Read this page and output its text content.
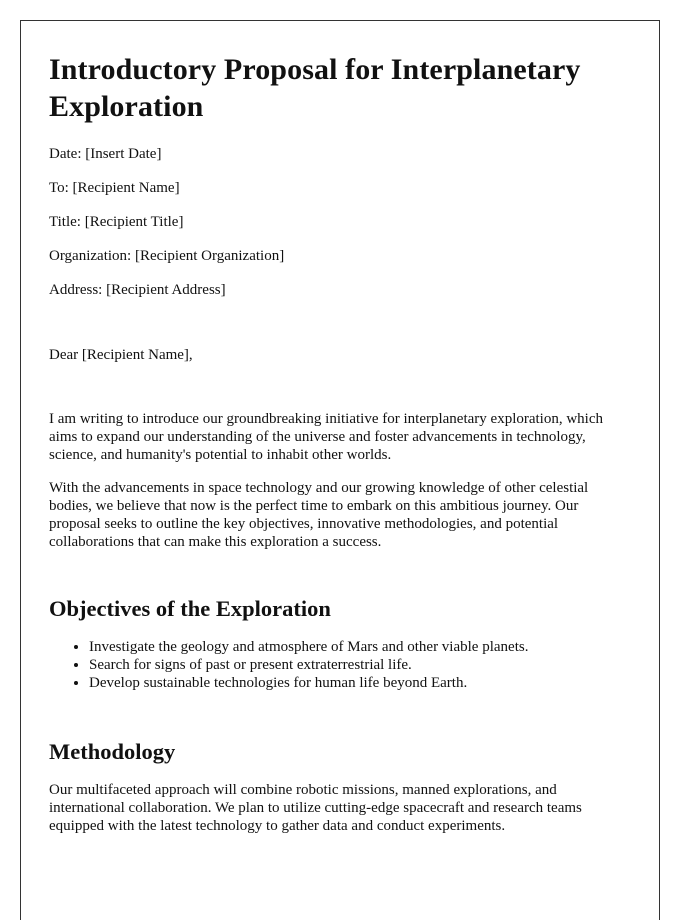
Introductory Proposal for Interplanetary Exploration

Date: [Insert Date]

To: [Recipient Name]

Title: [Recipient Title]

Organization: [Recipient Organization]

Address: [Recipient Address]

Dear [Recipient Name],

I am writing to introduce our groundbreaking initiative for interplanetary exploration, which aims to expand our understanding of the universe and foster advancements in technology, science, and humanity's potential to inhabit other worlds.

With the advancements in space technology and our growing knowledge of other celestial bodies, we believe that now is the perfect time to embark on this ambitious journey. Our proposal seeks to outline the key objectives, innovative methodologies, and potential collaborations that can make this exploration a success.

Objectives of the Exploration
• Investigate the geology and atmosphere of Mars and other viable planets.
• Search for signs of past or present extraterrestrial life.
• Develop sustainable technologies for human life beyond Earth.
Methodology

Our multifaceted approach will combine robotic missions, manned explorations, and international collaboration. We plan to utilize cutting-edge spacecraft and research teams equipped with the latest technology to gather data and conduct experiments.
